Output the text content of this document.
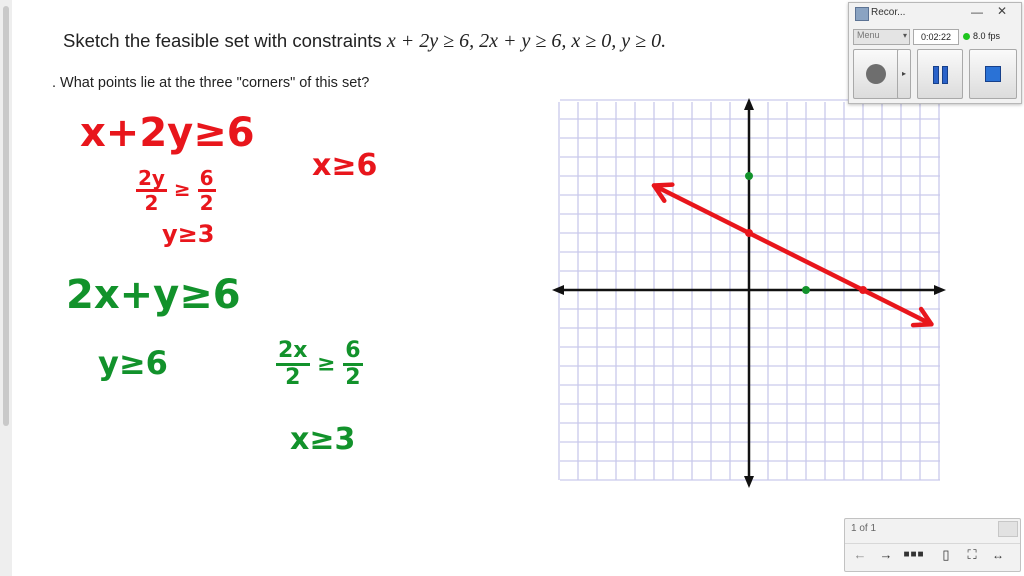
Sketch the feasible set with constraints x + 2y ≥ 6, 2x + y ≥ 6, x ≥ 0, y ≥ 0.
. What points lie at the three "corners" of this set?
x+2y≥6
$\frac{2y}{2} \ge \frac{6}{2}$
y≥3
x≥6
2x+y≥6
y≥6	$\frac{2x}{2} \ge \frac{6}{2}$
x≥3
Recor...	—	✕
Menu	▾	0:02:22	8.0 fps
▸
1 of 1
←	→	■■■	▯	⛶	↔
